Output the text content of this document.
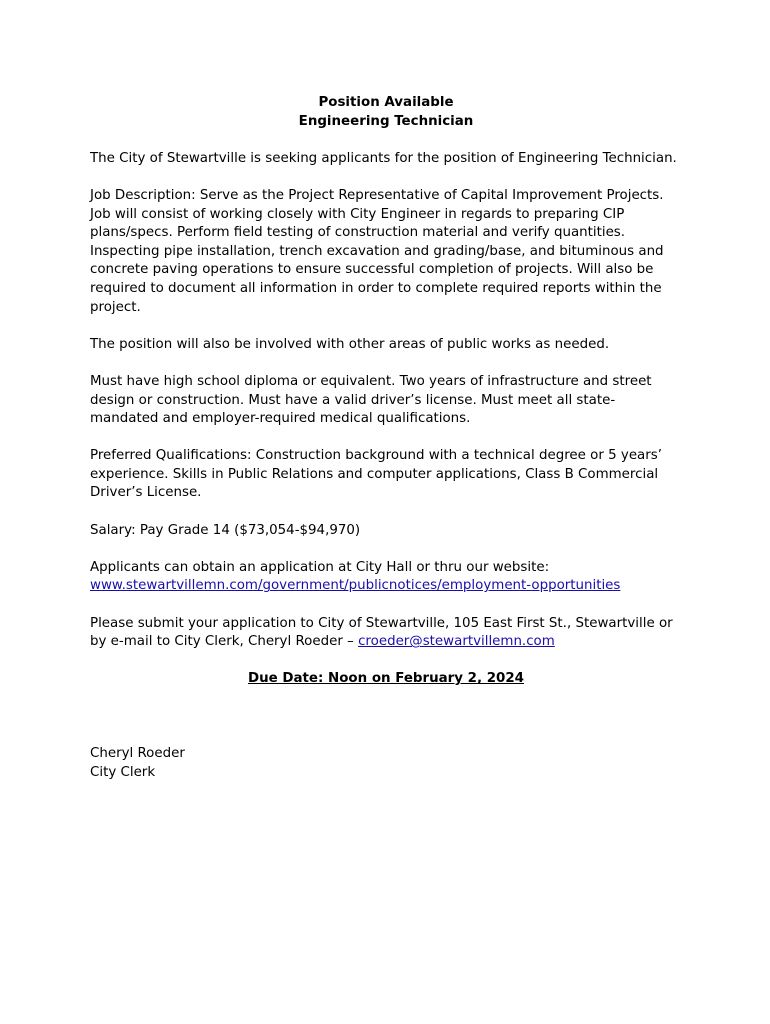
Position Available
Engineering Technician

The City of Stewartville is seeking applicants for the position of Engineering Technician.

Job Description: Serve as the Project Representative of Capital Improvement Projects.
Job will consist of working closely with City Engineer in regards to preparing CIP
plans/specs. Perform field testing of construction material and verify quantities.
Inspecting pipe installation, trench excavation and grading/base, and bituminous and
concrete paving operations to ensure successful completion of projects. Will also be
required to document all information in order to complete required reports within the
project.

The position will also be involved with other areas of public works as needed.

Must have high school diploma or equivalent. Two years of infrastructure and street
design or construction. Must have a valid driver’s license. Must meet all state-
mandated and employer-required medical qualifications.

Preferred Qualifications: Construction background with a technical degree or 5 years’
experience. Skills in Public Relations and computer applications, Class B Commercial
Driver’s License.

Salary: Pay Grade 14 ($73,054-$94,970)

Applicants can obtain an application at City Hall or thru our website:
www.stewartvillemn.com/government/publicnotices/employment-opportunities

Please submit your application to City of Stewartville, 105 East First St., Stewartville or
by e-mail to City Clerk, Cheryl Roeder – croeder@stewartvillemn.com

Due Date: Noon on February 2, 2024
Cheryl Roeder
City Clerk
